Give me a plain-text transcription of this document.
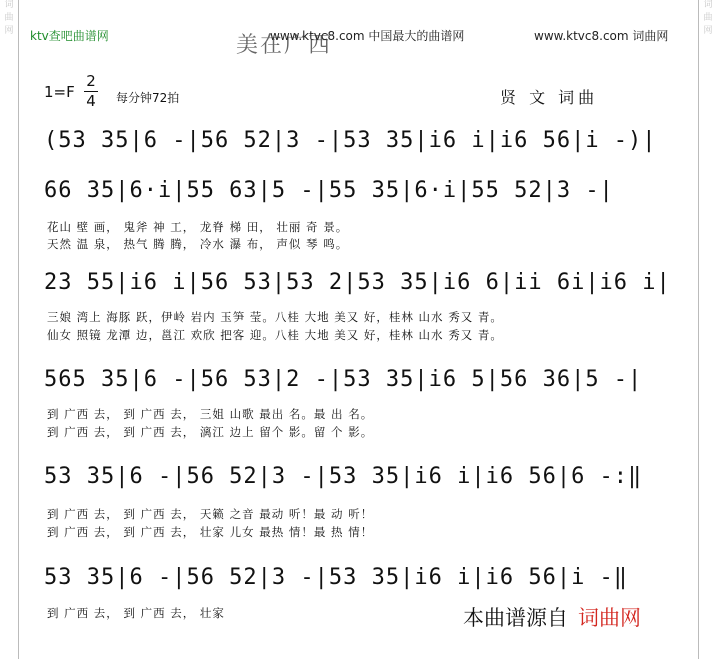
词
曲
网
词
曲
网
ktv查吧曲谱网	www.ktvc8.com 中国最大的曲谱网	www.ktvc8.com 词曲网
美在广西
1=F
2
4 每分钟72拍	贤 文 词曲
(53 35|6 -|56 52|3 -|53 35|i6 i|i6 56|i -)|
66 35|6·i|55 63|5 -|55 35|6·i|55 52|3 -|
花山 壁 画， 鬼斧 神 工， 龙脊 梯 田， 壮丽 奇 景。
天然 温 泉， 热气 腾 腾， 冷水 瀑 布， 声似 琴 鸣。
23 55|i6 i|56 53|53 2|53 35|i6 6|ii 6i|i6 i|
三娘 湾上 海豚 跃，伊岭 岩内 玉笋 莹。八桂 大地 美又 好，桂林 山水 秀又 青。
仙女 照镜 龙潭 边，邕江 欢欣 把客 迎。八桂 大地 美又 好，桂林 山水 秀又 青。
565 35|6 -|56 53|2 -|53 35|i6 5|56 36|5 -|
到 广西 去， 到 广西 去， 三姐 山歌 最出 名。最 出 名。
到 广西 去， 到 广西 去， 漓江 边上 留个 影。留 个 影。
53 35|6 -|56 52|3 -|53 35|i6 i|i6 56|6 -:‖
到 广西 去， 到 广西 去， 天籁 之音 最动 听！最 动 听！
到 广西 去， 到 广西 去， 壮家 儿女 最热 情！最 热 情！
53 35|6 -|56 52|3 -|53 35|i6 i|i6 56|i -‖
到 广西 去， 到 广西 去， 壮家	本曲谱源自 词曲网
